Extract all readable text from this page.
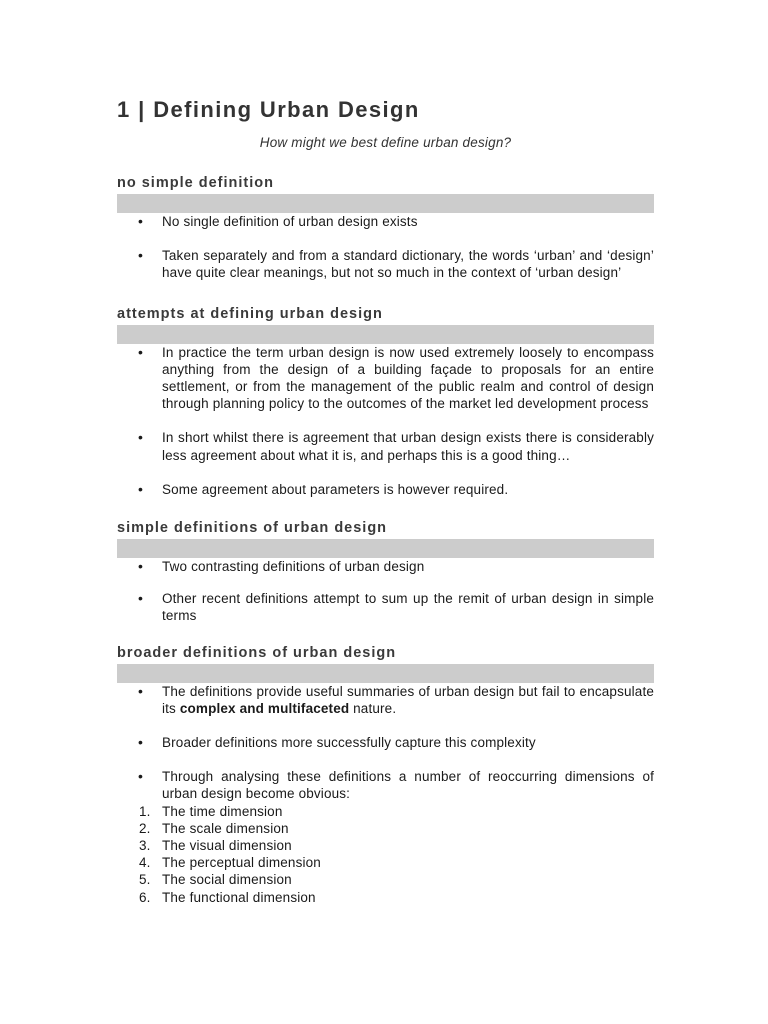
1 | Defining Urban Design
How might we best define urban design?
no simple definition
• No single definition of urban design exists
• Taken separately and from a standard dictionary, the words ‘urban’ and ‘design’ have quite clear meanings, but not so much in the context of ‘urban design’
attempts at defining urban design
• In practice the term urban design is now used extremely loosely to encompass anything from the design of a building façade to proposals for an entire settlement, or from the management of the public realm and control of design through planning policy to the outcomes of the market led development process
• In short whilst there is agreement that urban design exists there is considerably less agreement about what it is, and perhaps this is a good thing…
• Some agreement about parameters is however required.
simple definitions of urban design
• Two contrasting definitions of urban design
• Other recent definitions attempt to sum up the remit of urban design in simple terms
broader definitions of urban design
• The definitions provide useful summaries of urban design but fail to encapsulate its complex and multifaceted nature.
• Broader definitions more successfully capture this complexity
• Through analysing these definitions a number of reoccurring dimensions of urban design become obvious:
1. The time dimension
2. The scale dimension
3. The visual dimension
4. The perceptual dimension
5. The social dimension
6. The functional dimension
